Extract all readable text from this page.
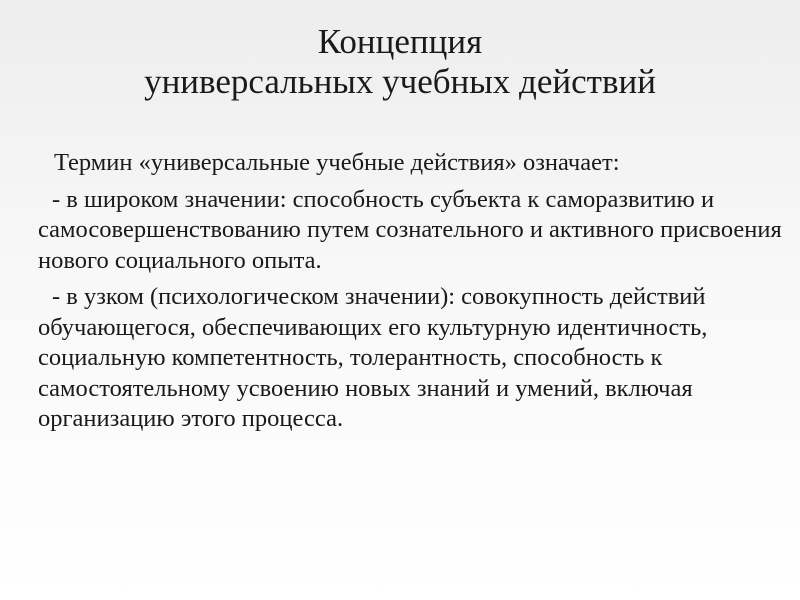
Концепция
универсальных учебных действий

Термин «универсальные учебные действия» означает:

- в широком значении: способность субъекта к саморазвитию и самосовершенствованию путем сознательного и активного присвоения нового социального опыта.

- в узком (психологическом значении): совокупность действий обучающегося, обеспечивающих его культурную идентичность, социальную компетентность, толерантность, способность к самостоятельному усвоению новых знаний и умений, включая организацию этого процесса.
